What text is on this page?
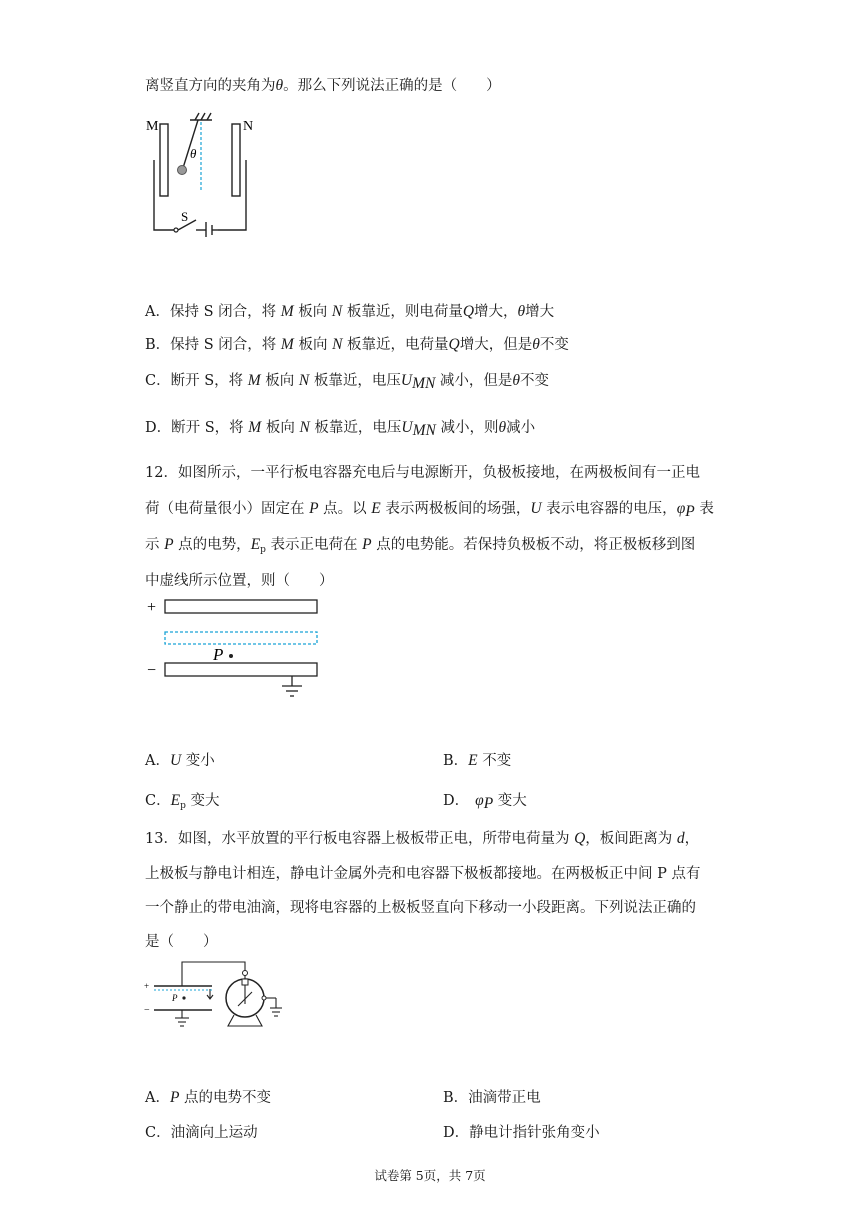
离竖直方向的夹角为θ。那么下列说法正确的是（　　）
M	N
S
θ
A．保持 S 闭合，将 M 板向 N 板靠近，则电荷量Q增大，θ增大
B．保持 S 闭合，将 M 板向 N 板靠近，电荷量Q增大，但是θ不变
C．断开 S，将 M 板向 N 板靠近，电压$U_{MN}$ 减小，但是θ不变
D．断开 S，将 M 板向 N 板靠近，电压$U_{MN}$ 减小，则θ减小
12．如图所示，一平行板电容器充电后与电源断开，负极板接地，在两极板间有一正电
荷（电荷量很小）固定在 P 点。以 E 表示两极板间的场强，U 表示电容器的电压，$\varphi_P$ 表
示 P 点的电势，$E_p$ 表示正电荷在 P 点的电势能。若保持负极板不动，将正极板移到图
中虚线所示位置，则（　　）
+
−
P
A．U 变小	B．E 不变
C．$E_p$ 变大	D． $\varphi_P$ 变大
13．如图，水平放置的平行板电容器上极板带正电，所带电荷量为 Q，板间距离为 d，
上极板与静电计相连，静电计金属外壳和电容器下极板都接地。在两极板正中间 P 点有
一个静止的带电油滴，现将电容器的上极板竖直向下移动一小段距离。下列说法正确的
是（　　）
+
−
P
A．P 点的电势不变	B．油滴带正电
C．油滴向上运动	D．静电计指针张角变小
试卷第 5页，共 7页
